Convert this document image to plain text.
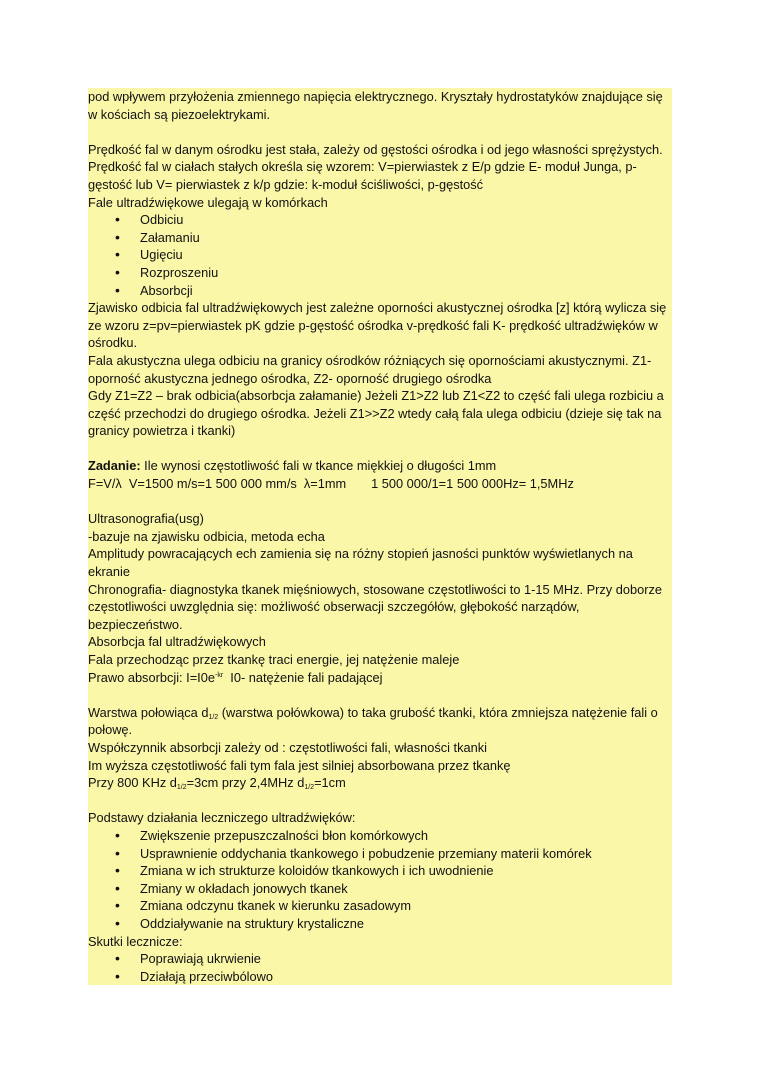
pod wpływem przyłożenia zmiennego napięcia elektrycznego. Kryształy hydrostatyków znajdujące się
w kościach są piezoelektrykami.
Prędkość fal w danym ośrodku jest stała, zależy od gęstości ośrodka i od jego własności sprężystych.
Prędkość fal w ciałach stałych określa się wzorem: V=pierwiastek z E/p gdzie E- moduł Junga, p-
gęstość lub V= pierwiastek z k/p gdzie: k-moduł ściśliwości, p-gęstość
Fale ultradźwiękowe ulegają w komórkach
• Odbiciu
• Załamaniu
• Ugięciu
• Rozproszeniu
• Absorbcji
Zjawisko odbicia fal ultradźwiękowych jest zależne oporności akustycznej ośrodka [z] którą wylicza się
ze wzoru z=pv=pierwiastek pK gdzie p-gęstość ośrodka v-prędkość fali K- prędkość ultradźwięków w
ośrodku.
Fala akustyczna ulega odbiciu na granicy ośrodków różniących się opornościami akustycznymi. Z1-
oporność akustyczna jednego ośrodka, Z2- oporność drugiego ośrodka
Gdy Z1=Z2 – brak odbicia(absorbcja załamanie) Jeżeli Z1>Z2 lub Z1<Z2 to część fali ulega rozbiciu a
część przechodzi do drugiego ośrodka. Jeżeli Z1>>Z2 wtedy całą fala ulega odbiciu (dzieje się tak na
granicy powietrza i tkanki)
Zadanie: Ile wynosi częstotliwość fali w tkance miękkiej o długości 1mm
F=V/λ  V=1500 m/s=1 500 000 mm/s  λ=1mm       1 500 000/1=1 500 000Hz= 1,5MHz
Ultrasonografia(usg)
-bazuje na zjawisku odbicia, metoda echa
Amplitudy powracających ech zamienia się na różny stopień jasności punktów wyświetlanych na
ekranie
Chronografia- diagnostyka tkanek mięśniowych, stosowane częstotliwości to 1-15 MHz. Przy doborze
częstotliwości uwzględnia się: możliwość obserwacji szczegółów, głębokość narządów,
bezpieczeństwo.
Absorbcja fal ultradźwiękowych
Fala przechodząc przez tkankę traci energie, jej natężenie maleje
Prawo absorbcji: $I=I0e^{-kr}$  I0- natężenie fali padającej
Warstwa połowiąca $d_{1/2}$ (warstwa połówkowa) to taka grubość tkanki, która zmniejsza natężenie fali o
połowę.
Współczynnik absorbcji zależy od : częstotliwości fali, własności tkanki
Im wyższa częstotliwość fali tym fala jest silniej absorbowana przez tkankę
Przy 800 KHz $d_{1/2}=3cm$ przy 2,4MHz $d_{1/2}=1cm$
Podstawy działania leczniczego ultradźwięków:
• Zwiększenie przepuszczalności błon komórkowych
• Usprawnienie oddychania tkankowego i pobudzenie przemiany materii komórek
• Zmiana w ich strukturze koloidów tkankowych i ich uwodnienie
• Zmiany w okładach jonowych tkanek
• Zmiana odczynu tkanek w kierunku zasadowym
• Oddziaływanie na struktury krystaliczne
Skutki lecznicze:
• Poprawiają ukrwienie
• Działają przeciwbólowo
